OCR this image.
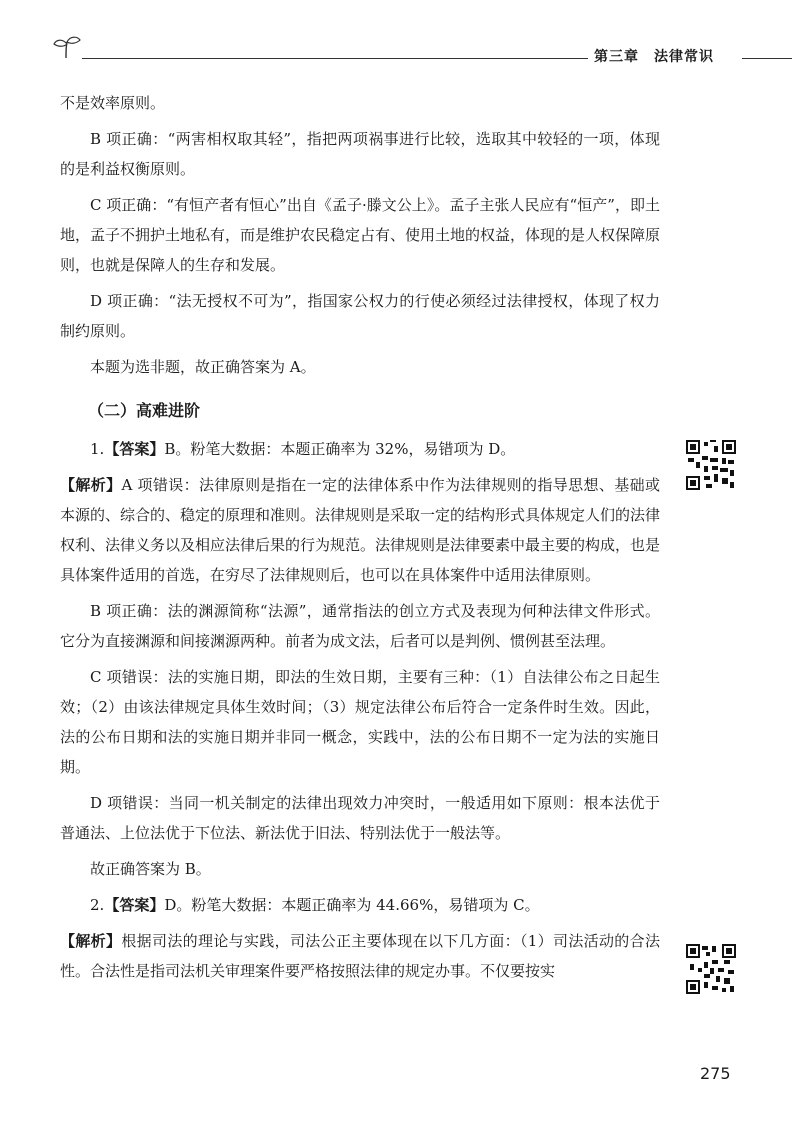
第三章　法律常识

不是效率原则。

B 项正确：“两害相权取其轻”，指把两项祸事进行比较，选取其中较轻的一项，体现的是利益权衡原则。

C 项正确：“有恒产者有恒心”出自《孟子·滕文公上》。孟子主张人民应有“恒产”，即土地，孟子不拥护土地私有，而是维护农民稳定占有、使用土地的权益，体现的是人权保障原则，也就是保障人的生存和发展。

D 项正确：“法无授权不可为”，指国家公权力的行使必须经过法律授权，体现了权力制约原则。

本题为选非题，故正确答案为 A。

（二）高难进阶

1.【答案】B。粉笔大数据：本题正确率为 32%，易错项为 D。

【解析】A 项错误：法律原则是指在一定的法律体系中作为法律规则的指导思想、基础或本源的、综合的、稳定的原理和准则。法律规则是采取一定的结构形式具体规定人们的法律权利、法律义务以及相应法律后果的行为规范。法律规则是法律要素中最主要的构成，也是具体案件适用的首选，在穷尽了法律规则后，也可以在具体案件中适用法律原则。

B 项正确：法的渊源简称“法源”，通常指法的创立方式及表现为何种法律文件形式。它分为直接渊源和间接渊源两种。前者为成文法，后者可以是判例、惯例甚至法理。

C 项错误：法的实施日期，即法的生效日期，主要有三种：（1）自法律公布之日起生效；（2）由该法律规定具体生效时间；（3）规定法律公布后符合一定条件时生效。因此，法的公布日期和法的实施日期并非同一概念，实践中，法的公布日期不一定为法的实施日期。

D 项错误：当同一机关制定的法律出现效力冲突时，一般适用如下原则：根本法优于普通法、上位法优于下位法、新法优于旧法、特别法优于一般法等。

故正确答案为 B。

2.【答案】D。粉笔大数据：本题正确率为 44.66%，易错项为 C。

【解析】根据司法的理论与实践，司法公正主要体现在以下几方面：（1）司法活动的合法性。合法性是指司法机关审理案件要严格按照法律的规定办事。不仅要按实

275
